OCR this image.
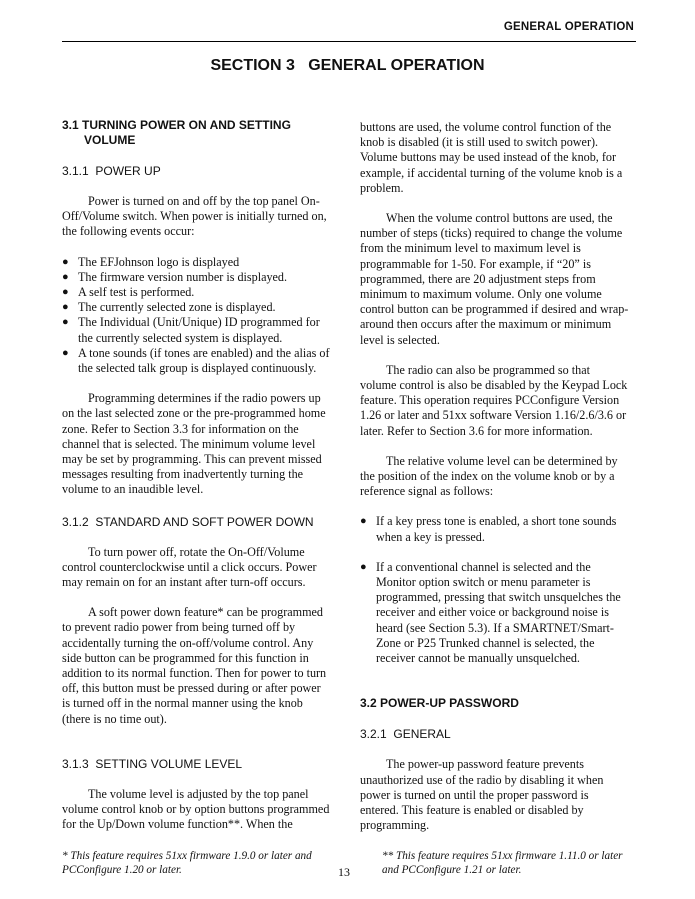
GENERAL OPERATION
SECTION 3   GENERAL OPERATION
3.1 TURNING POWER ON AND SETTING VOLUME
3.1.1  POWER UP

Power is turned on and off by the top panel On-Off/Volume switch. When power is initially turned on, the following events occur:

● The EFJohnson logo is displayed
● The firmware version number is displayed.
● A self test is performed.
● The currently selected zone is displayed.
● The Individual (Unit/Unique) ID programmed for the currently selected system is displayed.
● A tone sounds (if tones are enabled) and the alias of the selected talk group is displayed continuously.

Programming determines if the radio powers up on the last selected zone or the pre-programmed home zone. Refer to Section 3.3 for information on the channel that is selected. The minimum volume level may be set by programming. This can prevent missed messages resulting from inadvertently turning the volume to an inaudible level.

3.1.2  STANDARD AND SOFT POWER DOWN

To turn power off, rotate the On-Off/Volume control counterclockwise until a click occurs. Power may remain on for an instant after turn-off occurs.

A soft power down feature* can be programmed to prevent radio power from being turned off by accidentally turning the on-off/volume control. Any side button can be programmed for this function in addition to its normal function. Then for power to turn off, this button must be pressed during or after power is turned off in the normal manner using the knob (there is no time out).

3.1.3  SETTING VOLUME LEVEL

The volume level is adjusted by the top panel volume control knob or by option buttons programmed for the Up/Down volume function**. When the

buttons are used, the volume control function of the knob is disabled (it is still used to switch power). Volume buttons may be used instead of the knob, for example, if accidental turning of the volume knob is a problem.

When the volume control buttons are used, the number of steps (ticks) required to change the volume from the minimum level to maximum level is programmable for 1-50. For example, if “20” is programmed, there are 20 adjustment steps from minimum to maximum volume. Only one volume control button can be programmed if desired and wrap-around then occurs after the maximum or minimum level is selected.

The radio can also be programmed so that volume control is also be disabled by the Keypad Lock feature. This operation requires PCConfigure Version 1.26 or later and 51xx software Version 1.16/2.6/3.6 or later. Refer to Section 3.6 for more information.

The relative volume level can be determined by the position of the index on the volume knob or by a reference signal as follows:

● If a key press tone is enabled, a short tone sounds when a key is pressed.
● If a conventional channel is selected and the Monitor option switch or menu parameter is programmed, pressing that switch unsquelches the receiver and either voice or background noise is heard (see Section 5.3). If a SMARTNET/Smart-Zone or P25 Trunked channel is selected, the receiver cannot be manually unsquelched.
3.2 POWER-UP PASSWORD
3.2.1  GENERAL

The power-up password feature prevents unauthorized use of the radio by disabling it when power is turned on until the proper password is entered. This feature is enabled or disabled by programming.

* This feature requires 51xx firmware 1.9.0 or later and PCConfigure 1.20 or later.
** This feature requires 51xx firmware 1.11.0 or later and PCConfigure 1.21 or later.
13
